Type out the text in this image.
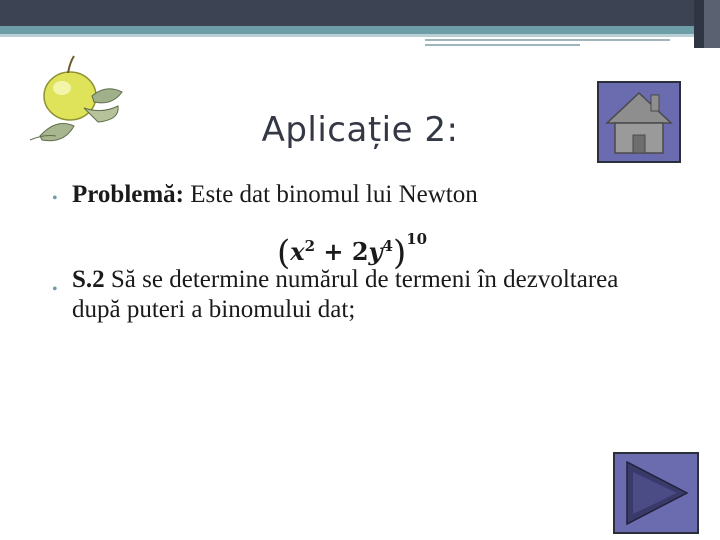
Aplicație 2:
• Problemă: Este dat binomul lui Newton
$(x^2 + 2y^4)^{10}$
• S.2 Să se determine numărul de termeni în dezvoltarea după puteri a binomului dat;
